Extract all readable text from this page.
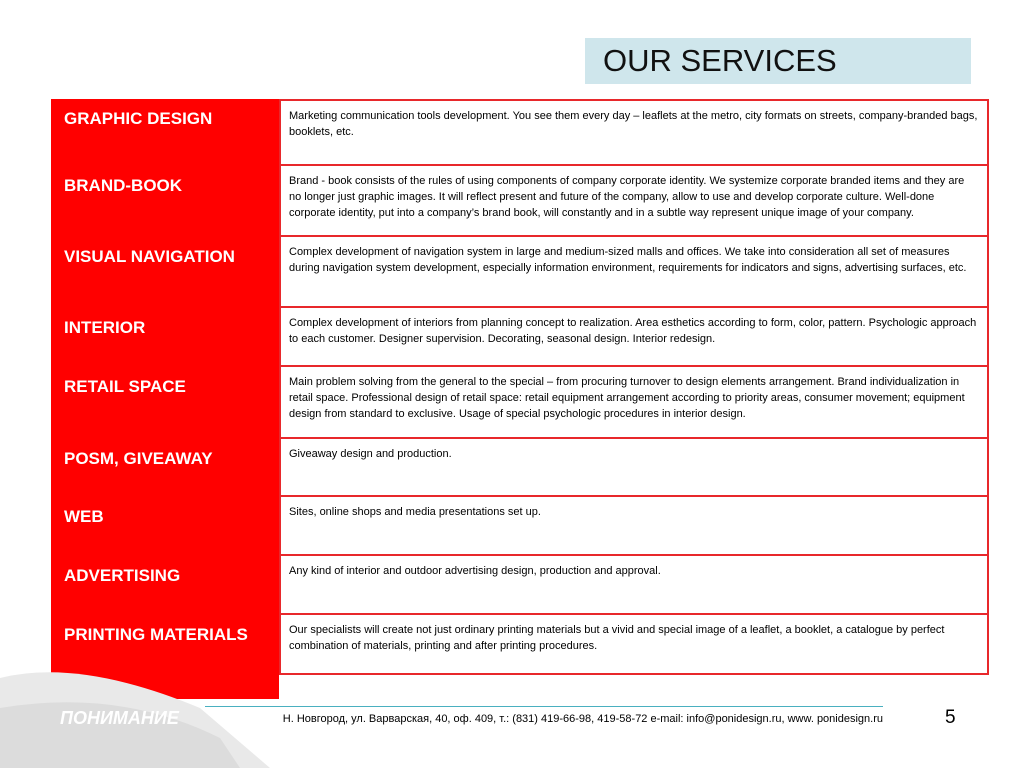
OUR SERVICES
GRAPHIC DESIGN	Marketing communication tools development. You see them every day – leaflets at the metro, city formats on streets, company-branded bags, booklets, etc.
BRAND-BOOK	Brand - book consists of the rules of using components of company corporate identity. We systemize corporate branded items and they are no longer just graphic images. It will reflect present and future of the company, allow to use and develop corporate culture. Well-done corporate identity, put into a company’s brand book, will constantly and in a subtle way represent unique image of your company.
VISUAL NAVIGATION	Complex development of navigation system in large and medium-sized malls and offices. We take into consideration all set of measures during navigation system development, especially information environment, requirements for indicators and signs, advertising surfaces, etc.
INTERIOR	Complex development of interiors from planning concept to realization. Area esthetics according to form, color, pattern. Psychologic approach to each customer. Designer supervision. Decorating, seasonal design. Interior redesign.
RETAIL SPACE	Main problem solving from the general to the special – from procuring turnover to design elements arrangement. Brand individualization in retail space. Professional design of retail space: retail equipment arrangement according to priority areas, consumer movement; equipment design from standard to exclusive. Usage of special psychologic procedures in interior design.
POSM, GIVEAWAY	Giveaway design and production.
WEB	Sites, online shops and media presentations set up.
ADVERTISING	Any kind of interior and outdoor advertising design, production and approval.
PRINTING MATERIALS	Our specialists will create not just ordinary printing materials but a vivid and special image of a leaflet, a booklet, a catalogue by perfect combination of materials, printing and after printing procedures.
ПОНИМАНИЕ	Н. Новгород, ул. Варварская, 40, оф. 409, т.: (831) 419-66-98, 419-58-72 e-mail: info@ponidesign.ru, www. ponidesign.ru	5
